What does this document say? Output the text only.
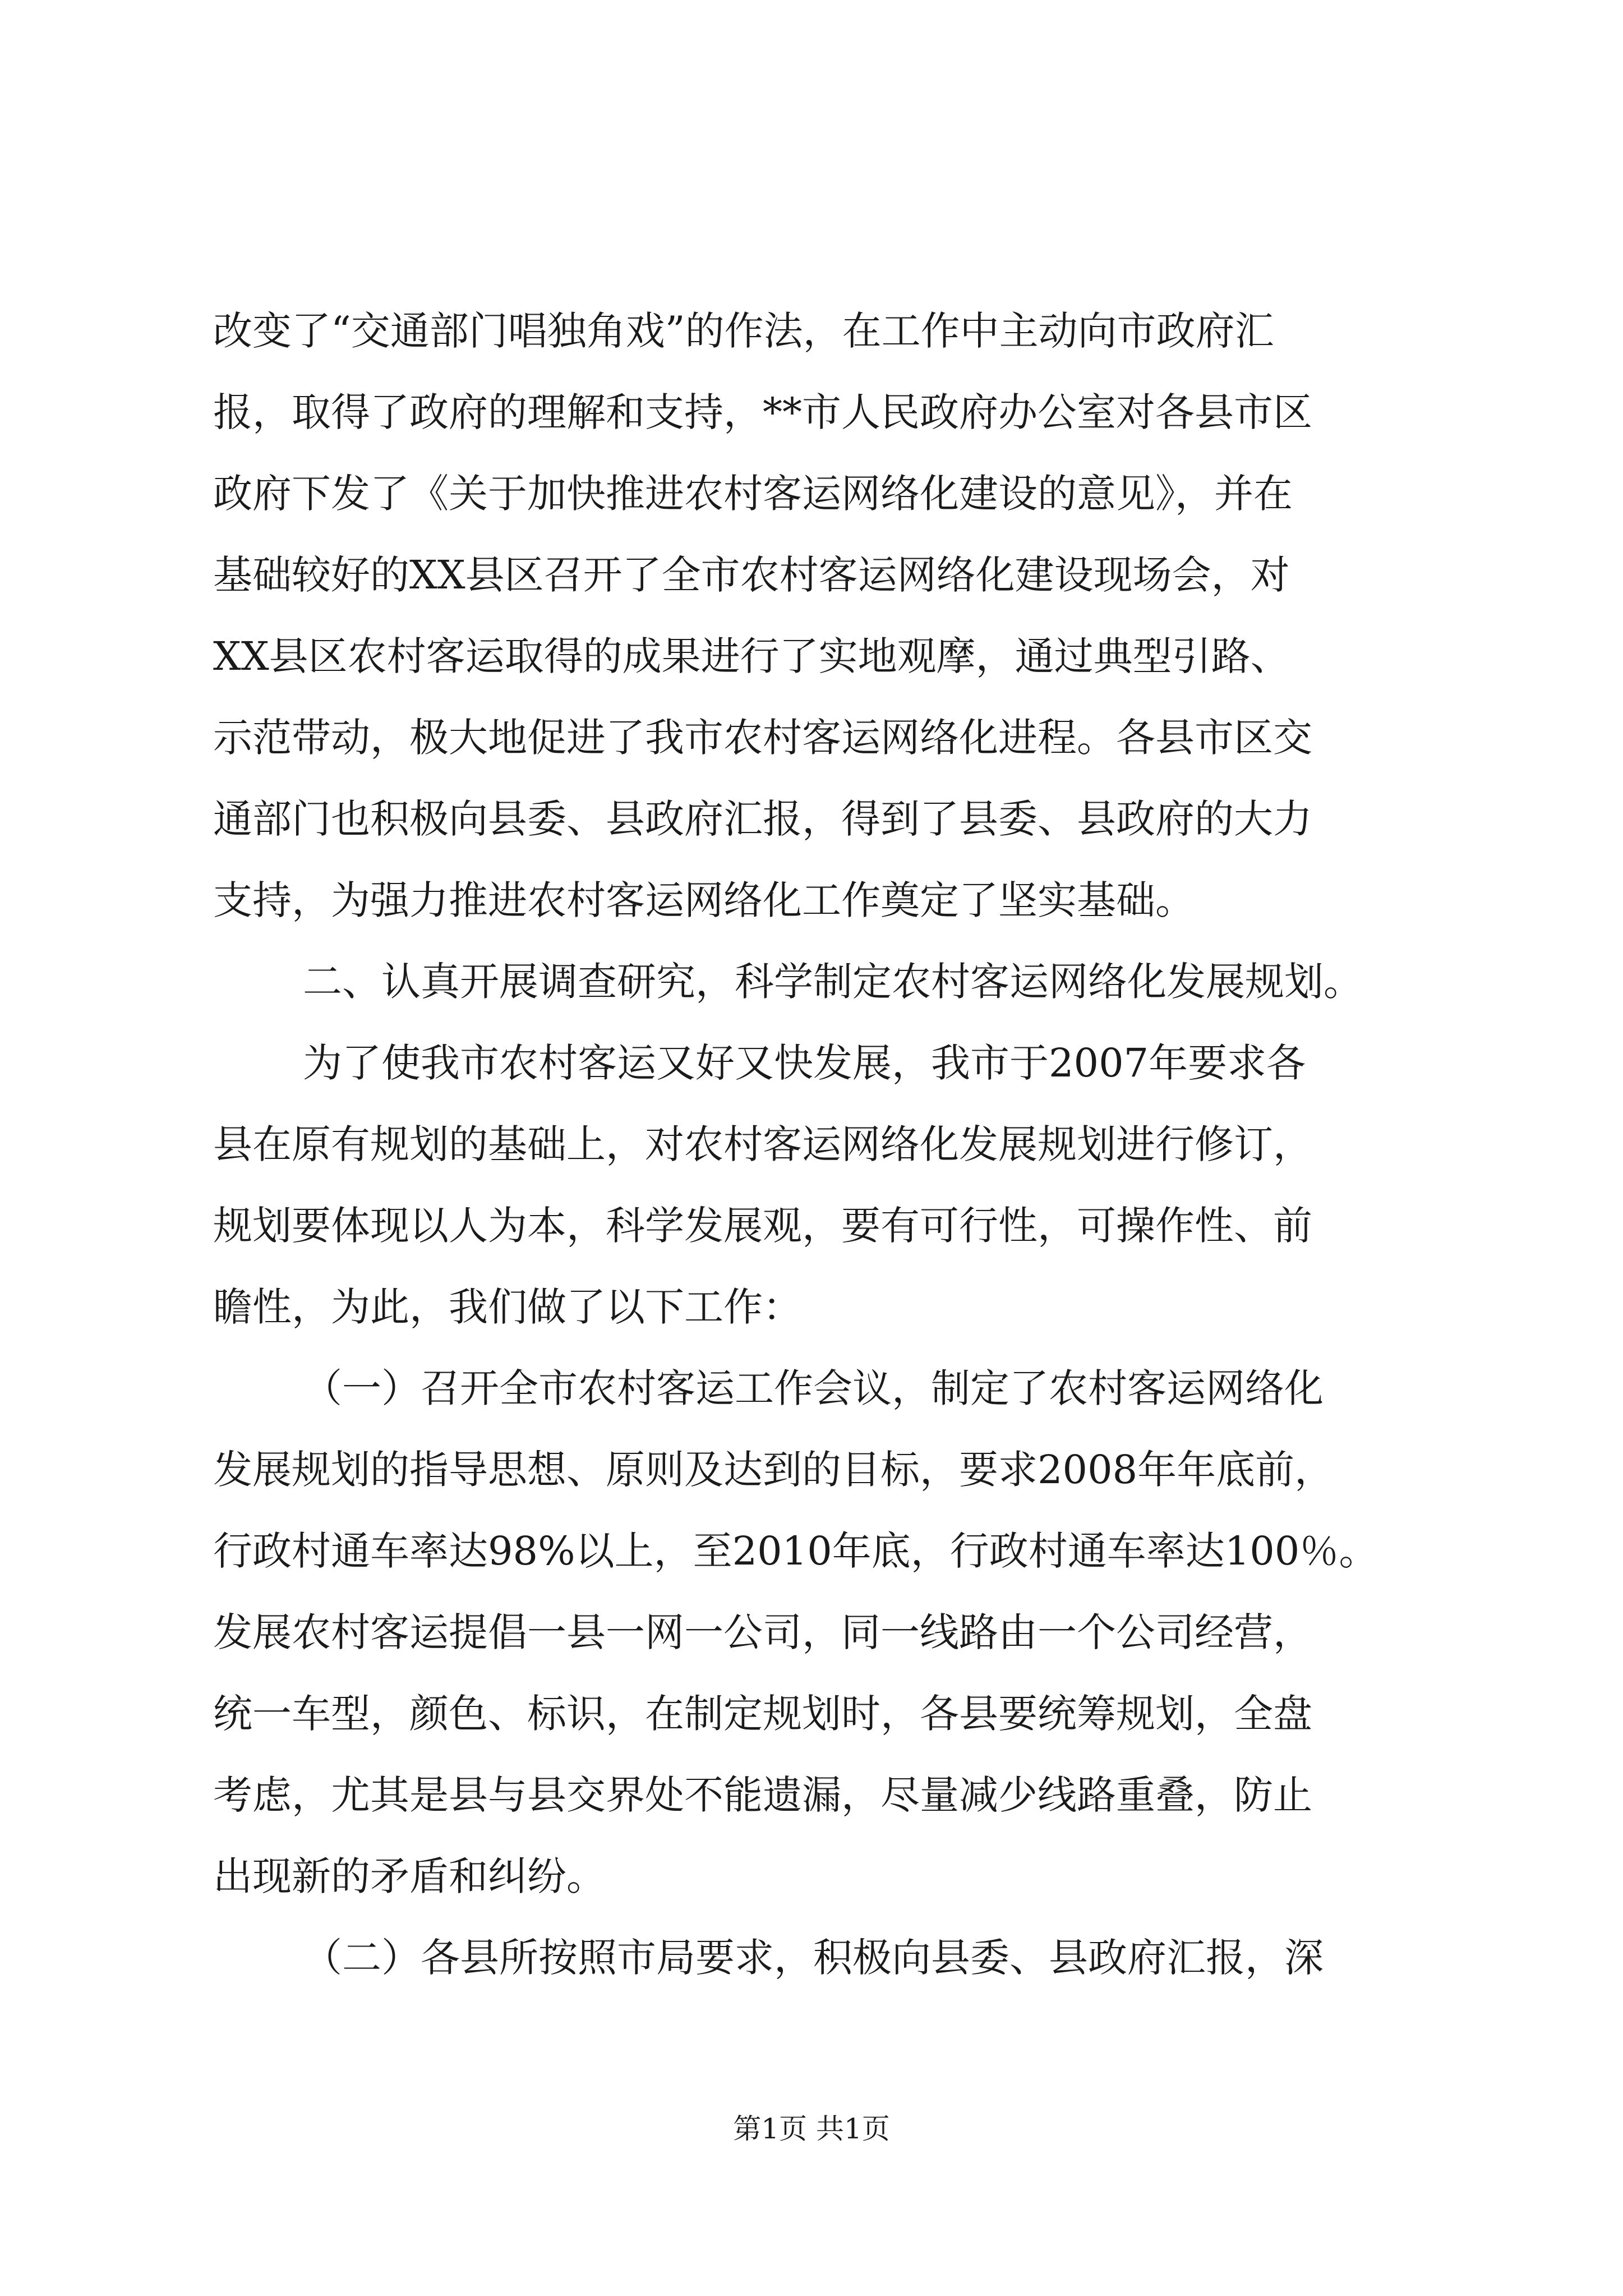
改变了“交通部门唱独角戏”的作法，在工作中主动向市政府汇
报，取得了政府的理解和支持，**市人民政府办公室对各县市区
政府下发了《关于加快推进农村客运网络化建设的意见》，并在
基础较好的XX县区召开了全市农村客运网络化建设现场会，对
XX县区农村客运取得的成果进行了实地观摩，通过典型引路、
示范带动，极大地促进了我市农村客运网络化进程。各县市区交
通部门也积极向县委、县政府汇报，得到了县委、县政府的大力
支持，为强力推进农村客运网络化工作奠定了坚实基础。
二、认真开展调查研究，科学制定农村客运网络化发展规划。
为了使我市农村客运又好又快发展，我市于2007年要求各
县在原有规划的基础上，对农村客运网络化发展规划进行修订，
规划要体现以人为本，科学发展观，要有可行性，可操作性、前
瞻性，为此，我们做了以下工作：
（一）召开全市农村客运工作会议，制定了农村客运网络化
发展规划的指导思想、原则及达到的目标，要求2008年年底前，
行政村通车率达98%以上，至2010年底，行政村通车率达100％。
发展农村客运提倡一县一网一公司，同一线路由一个公司经营，
统一车型，颜色、标识，在制定规划时，各县要统筹规划，全盘
考虑，尤其是县与县交界处不能遗漏，尽量减少线路重叠，防止
出现新的矛盾和纠纷。
（二）各县所按照市局要求，积极向县委、县政府汇报，深
第1页 共1页
